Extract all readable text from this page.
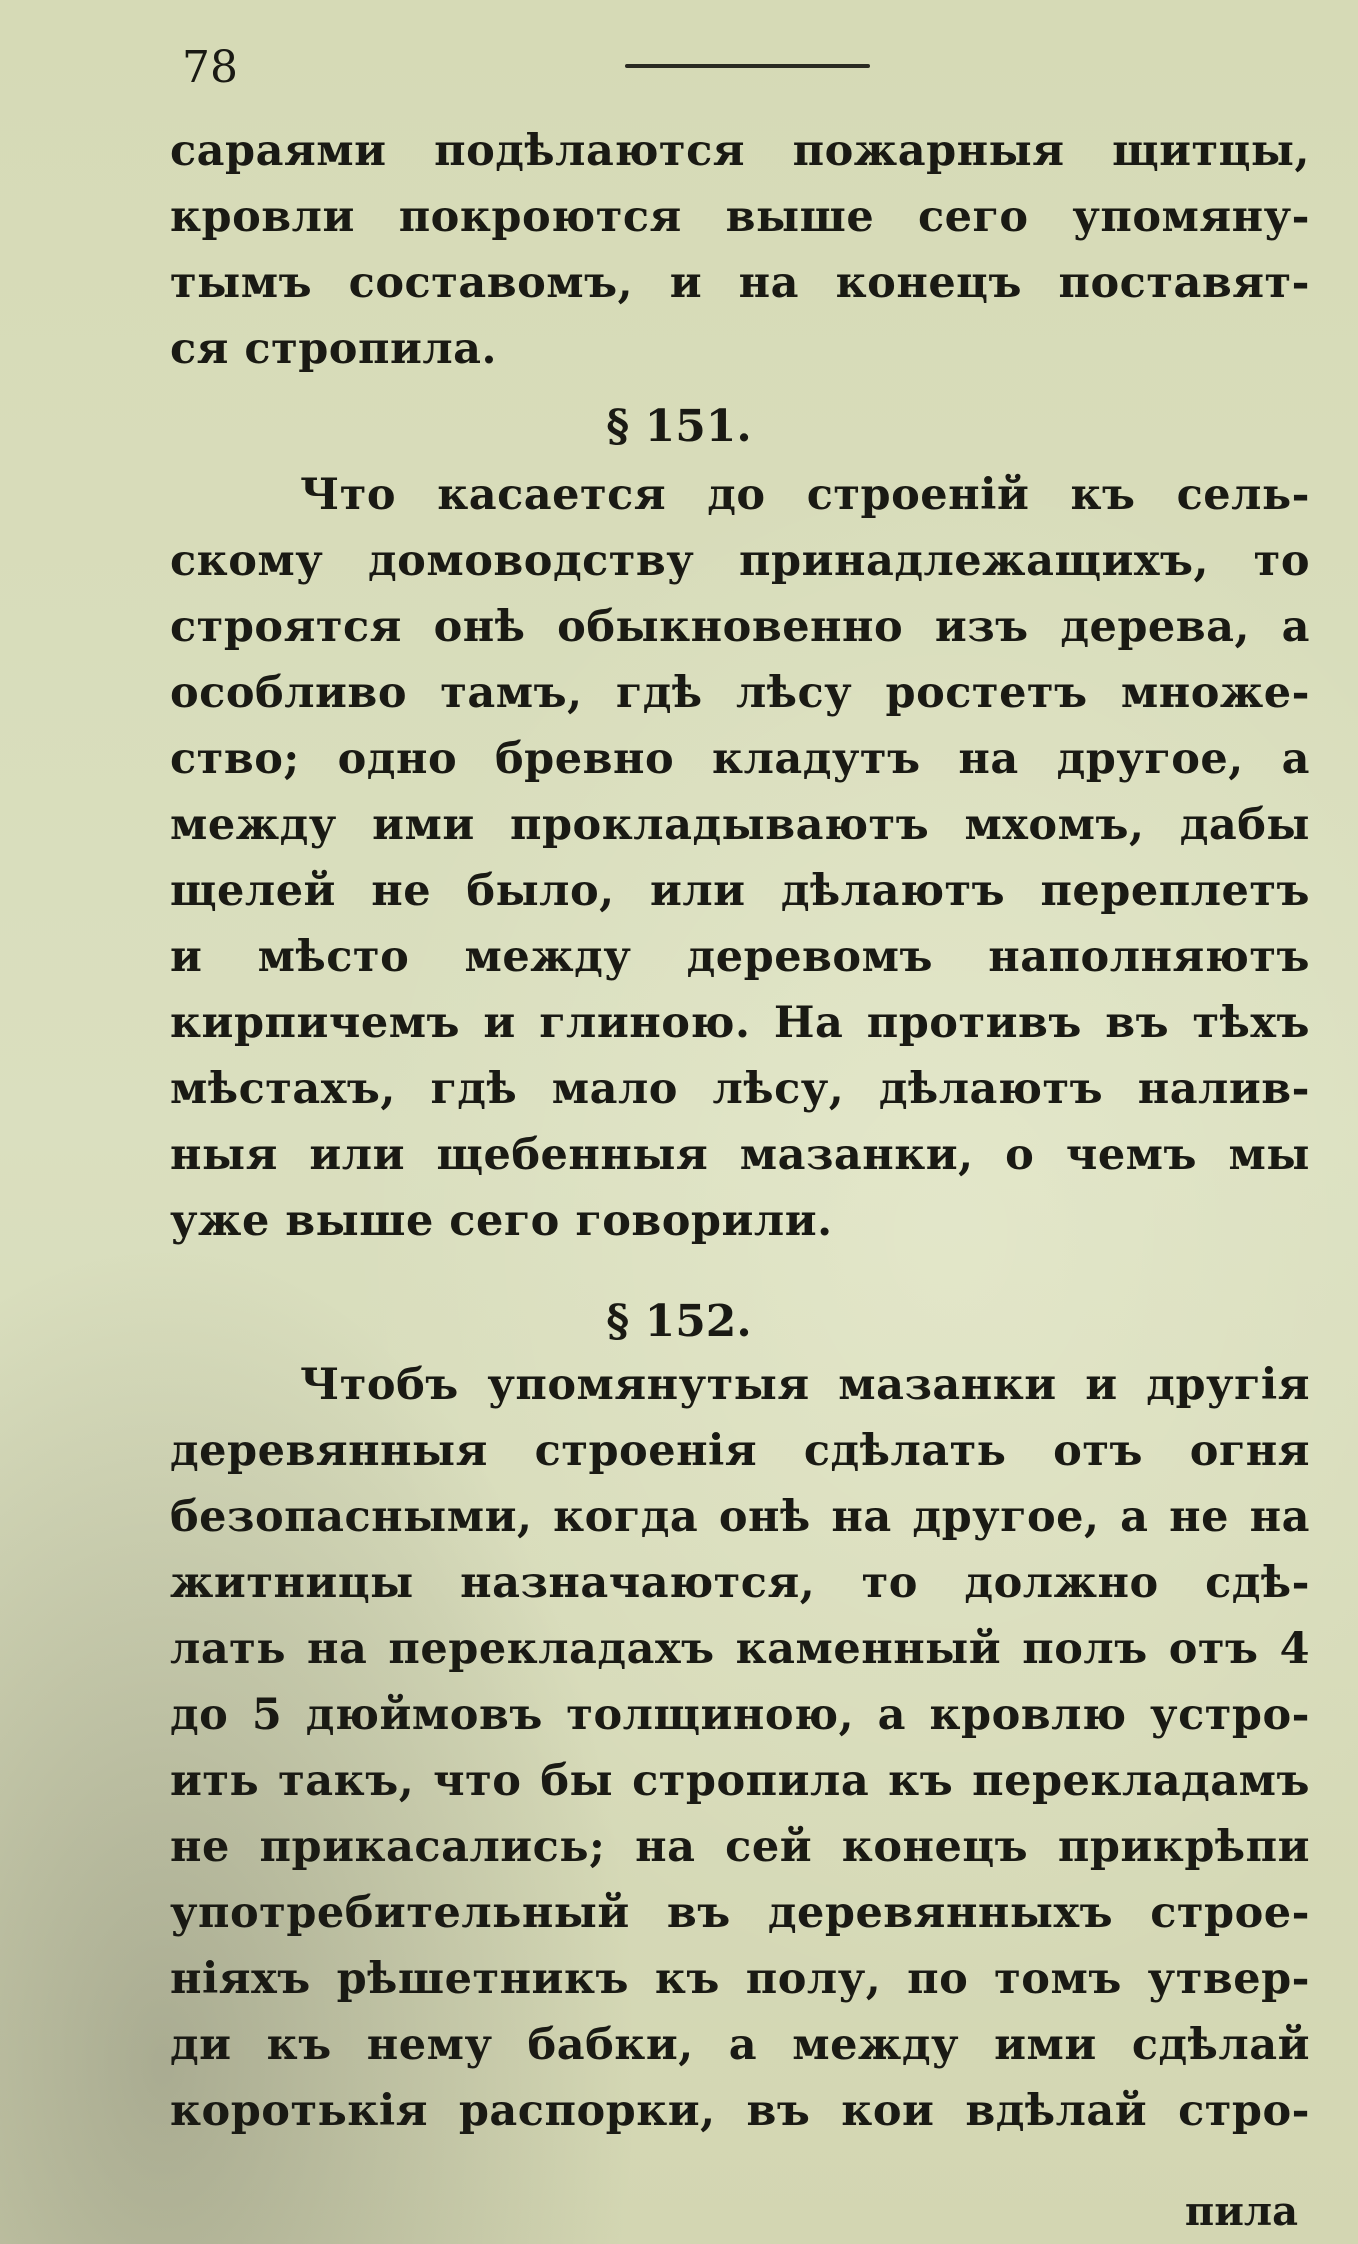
78
сараями подѣлаются пожарныя щитцы,
кровли покроются выше сего упомяну-
тымъ составомъ, и на конецъ поставят-
ся стропила.
§ 151.
Что касается до строенiй къ сель-
скому домоводству принадлежащихъ, то
строятся онѣ обыкновенно изъ дерева, а
особливо тамъ, гдѣ лѣсу ростетъ множе-
ство; одно бревно кладутъ на другое, а
между ими прокладываютъ мхомъ, дабы
щелей не было, или дѣлаютъ переплетъ
и мѣсто между деревомъ наполняютъ
кирпичемъ и глиною. На противъ въ тѣхъ
мѣстахъ, гдѣ мало лѣсу, дѣлаютъ налив-
ныя или щебенныя мазанки, о чемъ мы
уже выше сего говорили.
§ 152.
Чтобъ упомянутыя мазанки и другiя
деревянныя строенiя сдѣлать отъ огня
безопасными, когда онѣ на другое, а не на
житницы назначаются, то должно сдѣ-
лать на перекладахъ каменный полъ отъ 4
до 5 дюймовъ толщиною, а кровлю устро-
ить такъ, что бы стропила къ перекладамъ
не прикасались; на сей конецъ прикрѣпи
употребительный въ деревянныхъ строе-
нiяхъ рѣшетникъ къ полу, по томъ утвер-
ди къ нему бабки, а между ими сдѣлай
коротькiя распорки, въ кои вдѣлай стро-
пила
